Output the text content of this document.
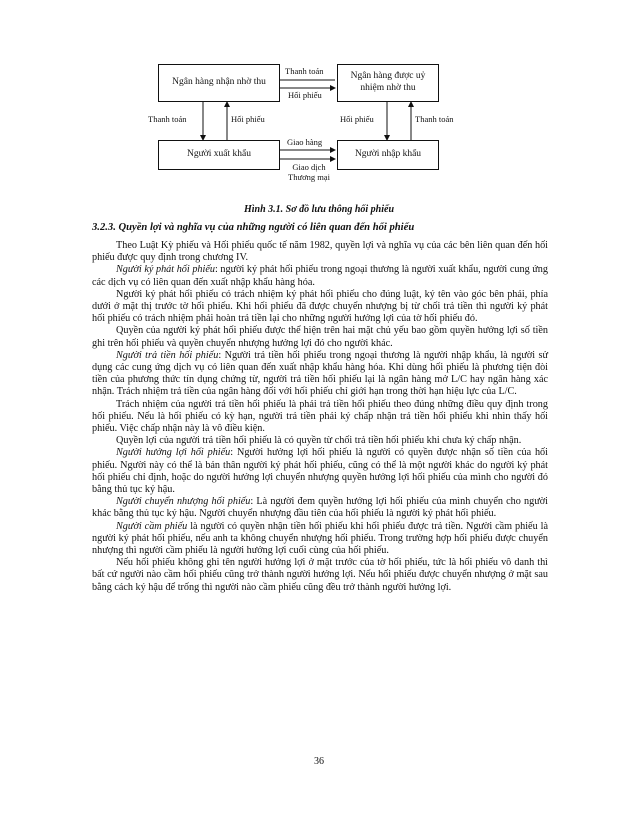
Ngân hàng nhận nhờ thu
Ngân hàng được uỷ nhiệm nhờ thu
Người xuất khẩu	Người nhập khẩu
Thanh toán
Hối phiếu
Thanh toán	Hối phiếu	Hối phiếu	Thanh toán
Giao hàng
Giao dịch
Thương mại
Hình 3.1. Sơ đồ lưu thông hối phiếu
3.2.3. Quyền lợi và nghĩa vụ của những người có liên quan đến hối phiếu

Theo Luật Kỳ phiếu và Hối phiếu quốc tế năm 1982, quyền lợi và nghĩa vụ của các bên liên quan đến hối phiếu được quy định trong chương IV.

Người ký phát hối phiếu: người ký phát hối phiếu trong ngoại thương là người xuất khẩu, người cung ứng các dịch vụ có liên quan đến xuất nhập khẩu hàng hóa.

Người ký phát hối phiếu có trách nhiệm ký phát hối phiếu cho đúng luật, ký tên vào góc bên phải, phía dưới ở mặt thị trước tờ hối phiếu. Khi hối phiếu đã được chuyển nhượng bị từ chối trả tiền thì người ký phát hối phiếu có trách nhiệm phải hoàn trả tiền lại cho những người hưởng lợi của tờ hối phiếu đó.

Quyền của người ký phát hối phiếu được thể hiện trên hai mặt chủ yếu bao gồm quyền hưởng lợi số tiền ghi trên hối phiếu và quyền chuyển nhượng hưởng lợi đó cho người khác.

Người trả tiền hối phiếu: Người trả tiền hối phiếu trong ngoại thương là người nhập khẩu, là người sử dụng các cung ứng dịch vụ có liên quan đến xuất nhập khẩu hàng hóa. Khi dùng hối phiếu là phương tiện đòi tiền của phương thức tín dụng chứng từ, người trả tiền hối phiếu lại là ngân hàng mở L/C hay ngân hàng xác nhận. Trách nhiệm trả tiền của ngân hàng đối với hối phiếu chỉ giới hạn trong thời hạn hiệu lực của L/C.

Trách nhiệm của người trả tiền hối phiếu là phải trả tiền hối phiếu theo đúng những điều quy định trong hối phiếu. Nếu là hối phiếu có kỳ hạn, người trả tiền phải ký chấp nhận trả tiền hối phiếu khi nhìn thấy hối phiếu. Việc chấp nhận này là vô điều kiện.

Quyền lợi của người trả tiền hối phiếu là có quyền từ chối trả tiền hối phiếu khi chưa ký chấp nhận.

Người hưởng lợi hối phiếu: Người hưởng lợi hối phiếu là người có quyền được nhận số tiền của hối phiếu. Người này có thể là bản thân người ký phát hối phiếu, cũng có thể là một người khác do người ký phát hối phiếu chỉ định, hoặc do người hưởng lợi chuyển nhượng quyền hưởng lợi hối phiếu của mình cho người đó bằng thủ tục ký hậu.

Người chuyển nhượng hối phiếu: Là người đem quyền hưởng lợi hối phiếu của mình chuyển cho người khác bằng thủ tục ký hậu. Người chuyển nhượng đầu tiên của hối phiếu là người ký phát hối phiếu.

Người cầm phiếu là người có quyền nhận tiền hối phiếu khi hối phiếu được trả tiền. Người cầm phiếu là người ký phát hối phiếu, nếu anh ta không chuyển nhượng hối phiếu. Trong trường hợp hối phiếu được chuyển nhượng thì người cầm phiếu là người hưởng lợi cuối cùng của hối phiếu.

Nếu hối phiếu không ghi tên người hưởng lợi ở mặt trước của tờ hối phiếu, tức là hối phiếu vô danh thì bất cứ người nào cầm hối phiếu cũng trở thành người hưởng lợi. Nếu hối phiếu được chuyển nhượng ở mặt sau bằng cách ký hậu để trống thì người nào cầm phiếu cũng đều trở thành người hưởng lợi.

36
